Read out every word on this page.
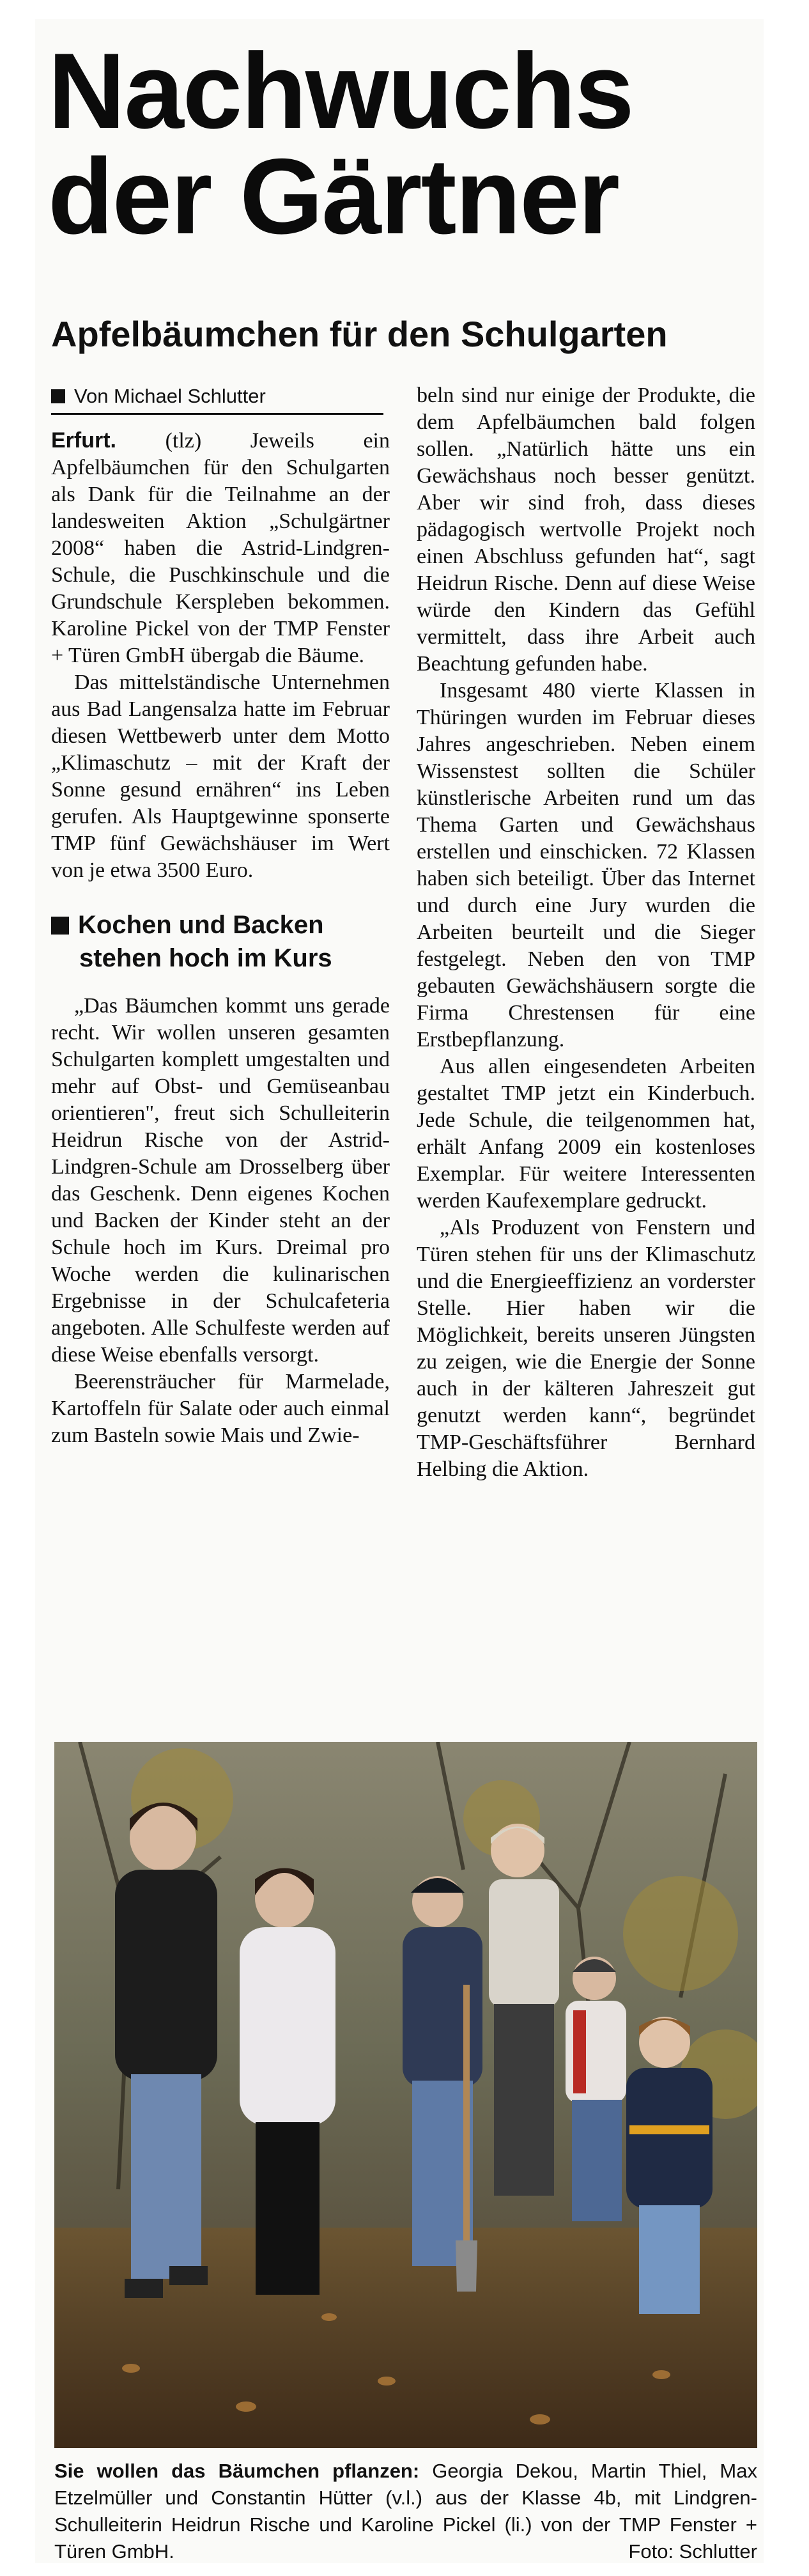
Nachwuchs
der Gärtner
Apfelbäumchen für den Schulgarten
Von Michael Schlutter

Erfurt. (tlz) Jeweils ein Apfelbäumchen für den Schulgarten als Dank für die Teilnahme an der landesweiten Aktion „Schulgärtner 2008“ haben die Astrid-Lindgren-Schule, die Puschkinschule und die Grundschule Kerspleben bekommen. Karoline Pickel von der TMP Fenster + Türen GmbH übergab die Bäume.

Das mittelständische Unternehmen aus Bad Langensalza hatte im Februar diesen Wettbewerb unter dem Motto „Klimaschutz – mit der Kraft der Sonne gesund ernähren“ ins Leben gerufen. Als Hauptgewinne sponserte TMP fünf Gewächshäuser im Wert von je etwa 3500 Euro.

Kochen und Backen
stehen hoch im Kurs

„Das Bäumchen kommt uns gerade recht. Wir wollen unseren gesamten Schulgarten komplett umgestalten und mehr auf Obst- und Gemüseanbau orientieren", freut sich Schulleiterin Heidrun Rische von der Astrid-Lindgren-Schule am Drosselberg über das Geschenk. Denn eigenes Kochen und Backen der Kinder steht an der Schule hoch im Kurs. Dreimal pro Woche werden die kulinarischen Ergebnisse in der Schulcafeteria angeboten. Alle Schulfeste werden auf diese Weise ebenfalls versorgt.

Beerensträucher für Marmelade, Kartoffeln für Salate oder auch einmal zum Basteln sowie Mais und Zwie-

beln sind nur einige der Produkte, die dem Apfelbäumchen bald folgen sollen. „Natürlich hätte uns ein Gewächshaus noch besser genützt. Aber wir sind froh, dass dieses pädagogisch wertvolle Projekt noch einen Abschluss gefunden hat“, sagt Heidrun Rische. Denn auf diese Weise würde den Kindern das Gefühl vermittelt, dass ihre Arbeit auch Beachtung gefunden habe.

Insgesamt 480 vierte Klassen in Thüringen wurden im Februar dieses Jahres angeschrieben. Neben einem Wissenstest sollten die Schüler künstlerische Arbeiten rund um das Thema Garten und Gewächshaus erstellen und einschicken. 72 Klassen haben sich beteiligt. Über das Internet und durch eine Jury wurden die Arbeiten beurteilt und die Sieger festgelegt. Neben den von TMP gebauten Gewächshäusern sorgte die Firma Chrestensen für eine Erstbepflanzung.

Aus allen eingesendeten Arbeiten gestaltet TMP jetzt ein Kinderbuch. Jede Schule, die teilgenommen hat, erhält Anfang 2009 ein kostenloses Exemplar. Für weitere Interessenten werden Kaufexemplare gedruckt.

„Als Produzent von Fenstern und Türen stehen für uns der Klimaschutz und die Energieeffizienz an vorderster Stelle. Hier haben wir die Möglichkeit, bereits unseren Jüngsten zu zeigen, wie die Energie der Sonne auch in der kälteren Jahreszeit gut genutzt werden kann“, begründet TMP-Geschäftsführer Bernhard Helbing die Aktion.

Sie wollen das Bäumchen pflanzen: Georgia Dekou, Martin Thiel, Max Etzelmüller und Constantin Hütter (v.l.) aus der Klasse 4b, mit Lindgren-Schulleiterin Heidrun Rische und Karoline Pickel (li.) von der TMP Fenster + Türen GmbH.	Foto: Schlutter
